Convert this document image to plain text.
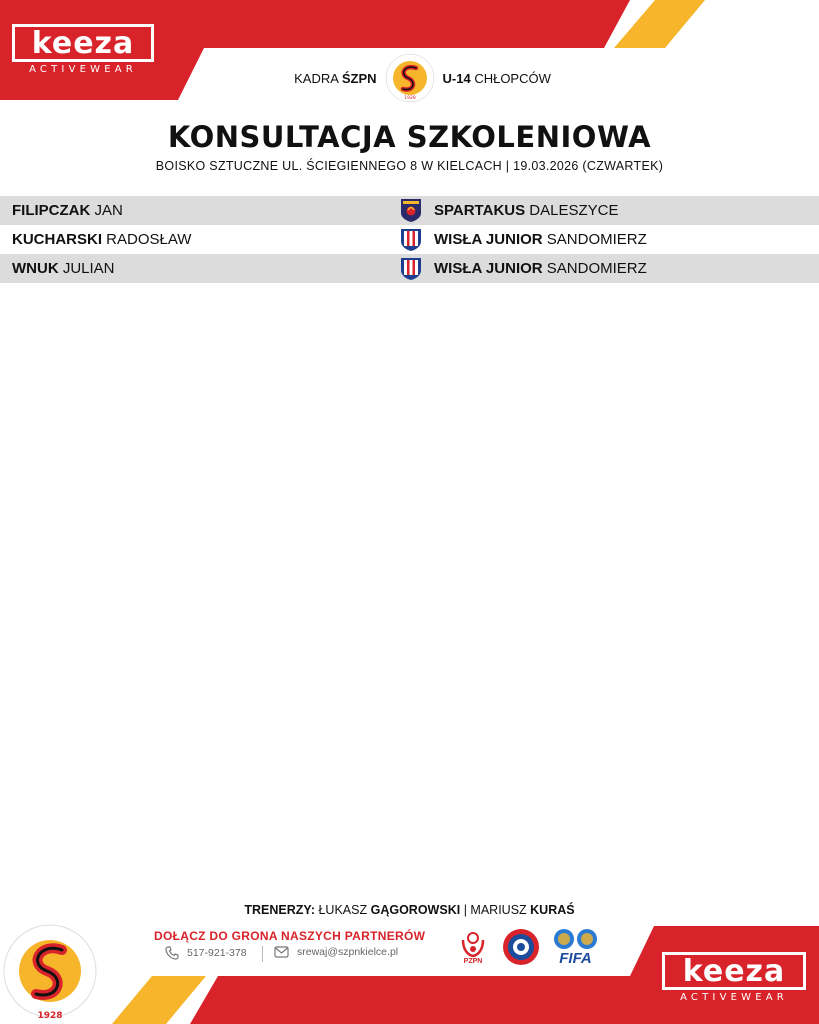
keeza
ACTIVEWEAR
KADRA ŚZPN
1928
U-14 CHŁOPCÓW
KONSULTACJA SZKOLENIOWA
BOISKO SZTUCZNE UL. ŚCIEGIENNEGO 8 W KIELCACH | 19.03.2026 (CZWARTEK)
FILIPCZAK JAN	SPARTAKUS DALESZYCE
KUCHARSKI RADOSŁAW	WISŁA JUNIOR SANDOMIERZ
WNUK JULIAN	WISŁA JUNIOR SANDOMIERZ
TRENERZY: ŁUKASZ GĄGOROWSKI | MARIUSZ KURAŚ
1928
DOŁĄCZ DO GRONA NASZYCH PARTNERÓW
517-921-378	srewaj@szpnkielce.pl
PZPN	FIFA	keeza
ACTIVEWEAR
